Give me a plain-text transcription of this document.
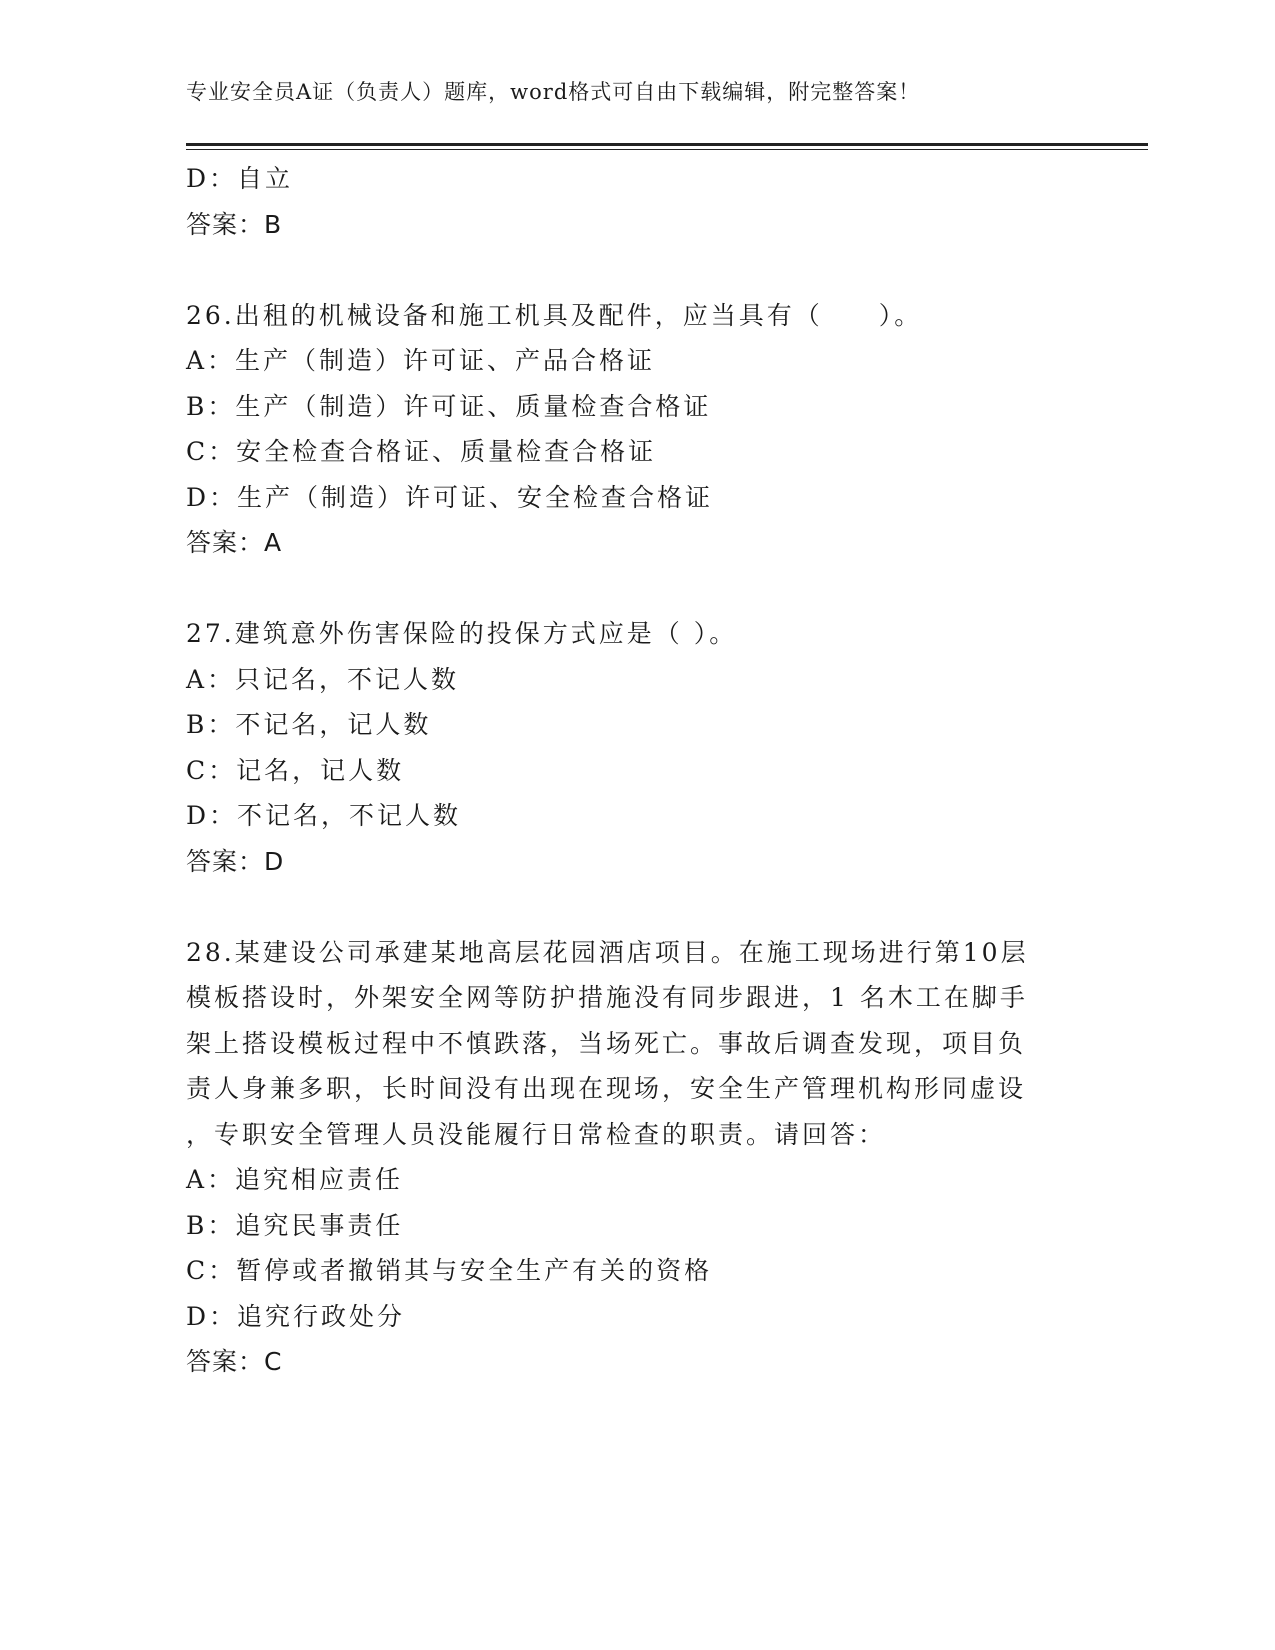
专业安全员A证（负责人）题库，word格式可自由下载编辑，附完整答案！
D：自立
答案：B
26.出租的机械设备和施工机具及配件，应当具有（　　）。
A：生产（制造）许可证、产品合格证
B：生产（制造）许可证、质量检查合格证
C：安全检查合格证、质量检查合格证
D：生产（制造）许可证、安全检查合格证
答案：A
27.建筑意外伤害保险的投保方式应是（ ）。
A：只记名，不记人数
B：不记名，记人数
C：记名，记人数
D：不记名，不记人数
答案：D
28.某建设公司承建某地高层花园酒店项目。在施工现场进行第10层
模板搭设时，外架安全网等防护措施没有同步跟进，1 名木工在脚手
架上搭设模板过程中不慎跌落，当场死亡。事故后调查发现，项目负
责人身兼多职，长时间没有出现在现场，安全生产管理机构形同虚设
，专职安全管理人员没能履行日常检查的职责。请回答：
A：追究相应责任
B：追究民事责任
C：暂停或者撤销其与安全生产有关的资格
D：追究行政处分
答案：C
